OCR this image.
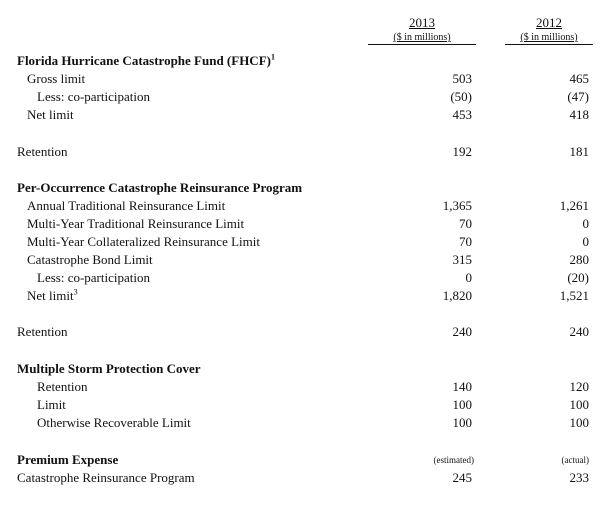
2013
($ in millions)
2012
($ in millions)
Florida Hurricane Catastrophe Fund (FHCF)$^1$
Gross limit	503	465
Less: co-participation	(50)	(47)
Net limit	453	418
Retention	192	181
Per-Occurrence Catastrophe Reinsurance Program
Annual Traditional Reinsurance Limit	1,365	1,261
Multi-Year Traditional Reinsurance Limit	70	0
Multi-Year Collateralized Reinsurance Limit	70	0
Catastrophe Bond Limit	315	280
Less: co-participation	0	(20)
Net limit$^3$	1,820	1,521
Retention	240	240
Multiple Storm Protection Cover
Retention	140	120
Limit	100	100
Otherwise Recoverable Limit	100	100
Premium Expense	(estimated)	(actual)
Catastrophe Reinsurance Program	245	233
